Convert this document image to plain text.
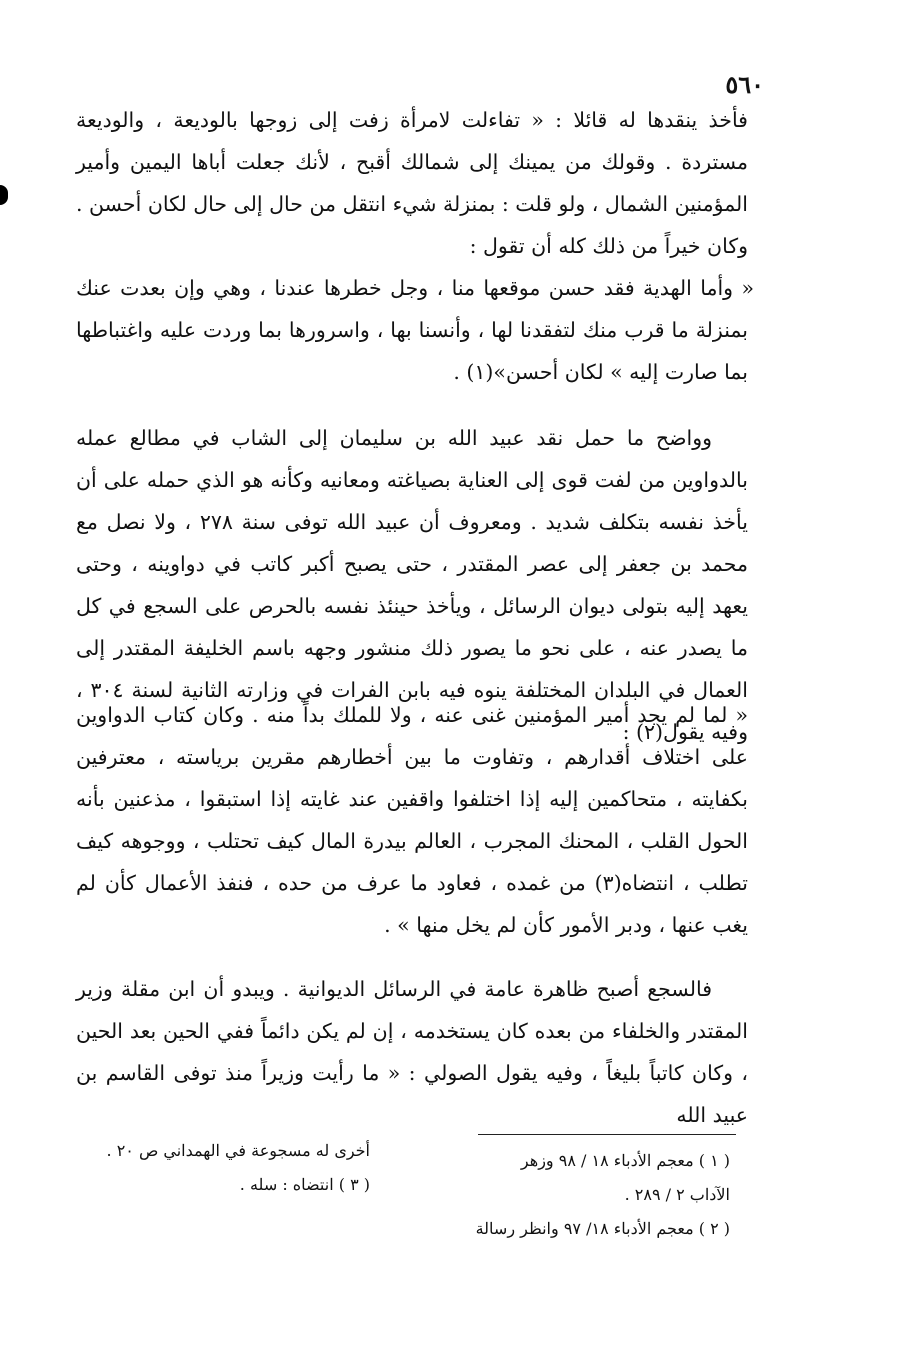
٥٦٠

فأخذ ينقدها له قائلا : « تفاءلت لامرأة زفت إلى زوجها بالوديعة ، والوديعة مستردة . وقولك من يمينك إلى شمالك أقبح ، لأنك جعلت أباها اليمين وأمير المؤمنين الشمال ، ولو قلت : بمنزلة شيء انتقل من حال إلى حال لكان أحسن . وكان خيراً من ذلك كله أن تقول :

« وأما الهدية فقد حسن موقعها منا ، وجل خطرها عندنا ، وهي وإن بعدت عنك بمنزلة ما قرب منك لتفقدنا لها ، وأنسنا بها ، واسرورها بما وردت عليه واغتباطها بما صارت إليه » لكان أحسن»(١) .

وواضح ما حمل نقد عبيد الله بن سليمان إلى الشاب في مطالع عمله بالدواوين من لفت قوى إلى العناية بصياغته ومعانيه وكأنه هو الذي حمله على أن يأخذ نفسه بتكلف شديد . ومعروف أن عبيد الله توفى سنة ٢٧٨ ، ولا نصل مع محمد بن جعفر إلى عصر المقتدر ، حتى يصبح أكبر كاتب في دواوينه ، وحتى يعهد إليه بتولى ديوان الرسائل ، ويأخذ حينئذ نفسه بالحرص على السجع في كل ما يصدر عنه ، على نحو ما يصور ذلك منشور وجهه باسم الخليفة المقتدر إلى العمال في البلدان المختلفة ينوه فيه بابن الفرات في وزارته الثانية لسنة ٣٠٤ ، وفيه يقول(٢) :

« لما لم يجد أمير المؤمنين غنى عنه ، ولا للملك بداً منه . وكان كتاب الدواوين على اختلاف أقدارهم ، وتفاوت ما بين أخطارهم مقرين برياسته ، معترفين بكفايته ، متحاكمين إليه إذا اختلفوا واقفين عند غايته إذا استبقوا ، مذعنين بأنه الحول القلب ، المحنك المجرب ، العالم بيدرة المال كيف تحتلب ، ووجوهه كيف تطلب ، انتضاه(٣) من غمده ، فعاود ما عرف من حده ، فنفذ الأعمال كأن لم يغب عنها ، ودبر الأمور كأن لم يخل منها » .

فالسجع أصبح ظاهرة عامة في الرسائل الديوانية . ويبدو أن ابن مقلة وزير المقتدر والخلفاء من بعده كان يستخدمه ، إن لم يكن دائماً ففي الحين بعد الحين ، وكان كاتباً بليغاً ، وفيه يقول الصولي : « ما رأيت وزيراً منذ توفى القاسم بن عبيد الله

( ١ ) معجم الأدباء ١٨ / ٩٨ وزهر
الآداب ٢ / ٢٨٩ .
( ٢ ) معجم الأدباء ١٨/ ٩٧ وانظر رسالة
أخرى له مسجوعة في الهمداني ص ٢٠ .
( ٣ ) انتضاه : سله .
